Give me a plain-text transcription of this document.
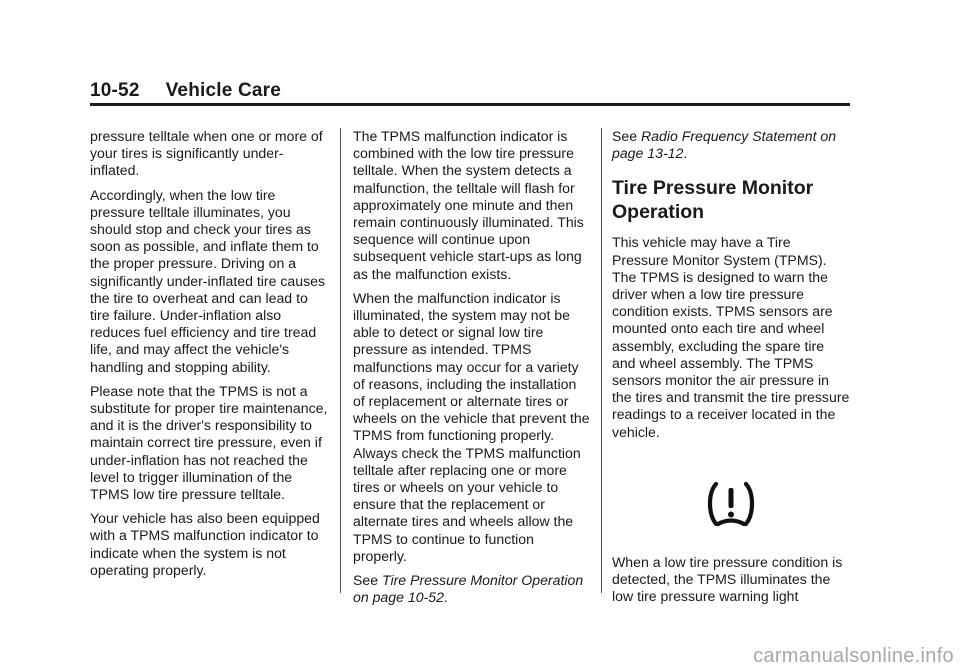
10-52 Vehicle Care

pressure telltale when one or more of your tires is significantly under-inflated.

Accordingly, when the low tire pressure telltale illuminates, you should stop and check your tires as soon as possible, and inflate them to the proper pressure. Driving on a significantly under-inflated tire causes the tire to overheat and can lead to tire failure. Under-inflation also reduces fuel efficiency and tire tread life, and may affect the vehicle's handling and stopping ability.

Please note that the TPMS is not a substitute for proper tire maintenance, and it is the driver's responsibility to maintain correct tire pressure, even if under-inflation has not reached the level to trigger illumination of the TPMS low tire pressure telltale.

Your vehicle has also been equipped with a TPMS malfunction indicator to indicate when the system is not operating properly.

The TPMS malfunction indicator is combined with the low tire pressure telltale. When the system detects a malfunction, the telltale will flash for approximately one minute and then remain continuously illuminated. This sequence will continue upon subsequent vehicle start-ups as long as the malfunction exists.

When the malfunction indicator is illuminated, the system may not be able to detect or signal low tire pressure as intended. TPMS malfunctions may occur for a variety of reasons, including the installation of replacement or alternate tires or wheels on the vehicle that prevent the TPMS from functioning properly. Always check the TPMS malfunction telltale after replacing one or more tires or wheels on your vehicle to ensure that the replacement or alternate tires and wheels allow the TPMS to continue to function properly.

See Tire Pressure Monitor Operation on page 10-52.

See Radio Frequency Statement on page 13-12.

Tire Pressure Monitor Operation

This vehicle may have a Tire Pressure Monitor System (TPMS). The TPMS is designed to warn the driver when a low tire pressure condition exists. TPMS sensors are mounted onto each tire and wheel assembly, excluding the spare tire and wheel assembly. The TPMS sensors monitor the air pressure in the tires and transmit the tire pressure readings to a receiver located in the vehicle.

When a low tire pressure condition is detected, the TPMS illuminates the low tire pressure warning light

carmanualsonline.info
